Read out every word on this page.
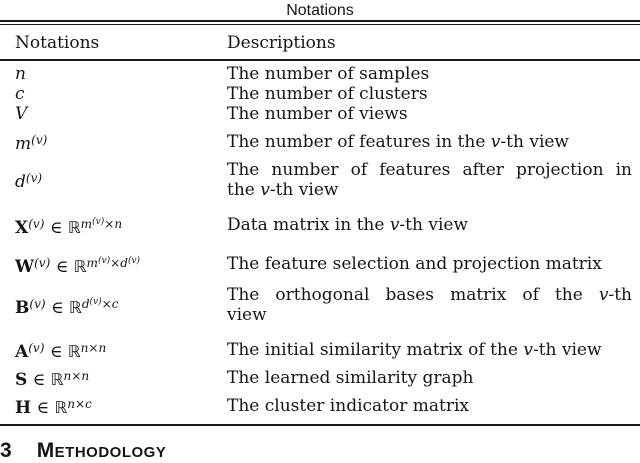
Notations
Notations	Descriptions
n	The number of samples
c	The number of clusters
V	The number of views
$m^{(v)}$	The number of features in the v-th view
$d^{(v)}$	The number of features after projection in
the v-th view
$X^{(v)}$ ∈ ℝ$^{m(v)\times n}$	Data matrix in the v-th view
$W^{(v)}$ ∈ ℝ$^{m(v)\times d(v)}$	The feature selection and projection matrix
$B^{(v)}$ ∈ ℝ$^{d(v)\times c}$	The orthogonal bases matrix of the v-th
view
$A^{(v)}$ ∈ ℝ$^{n\times n}$	The initial similarity matrix of the v-th view
S ∈ ℝ$^{n\times n}$	The learned similarity graph
H ∈ ℝ$^{n\times c}$	The cluster indicator matrix
3 Methodology
